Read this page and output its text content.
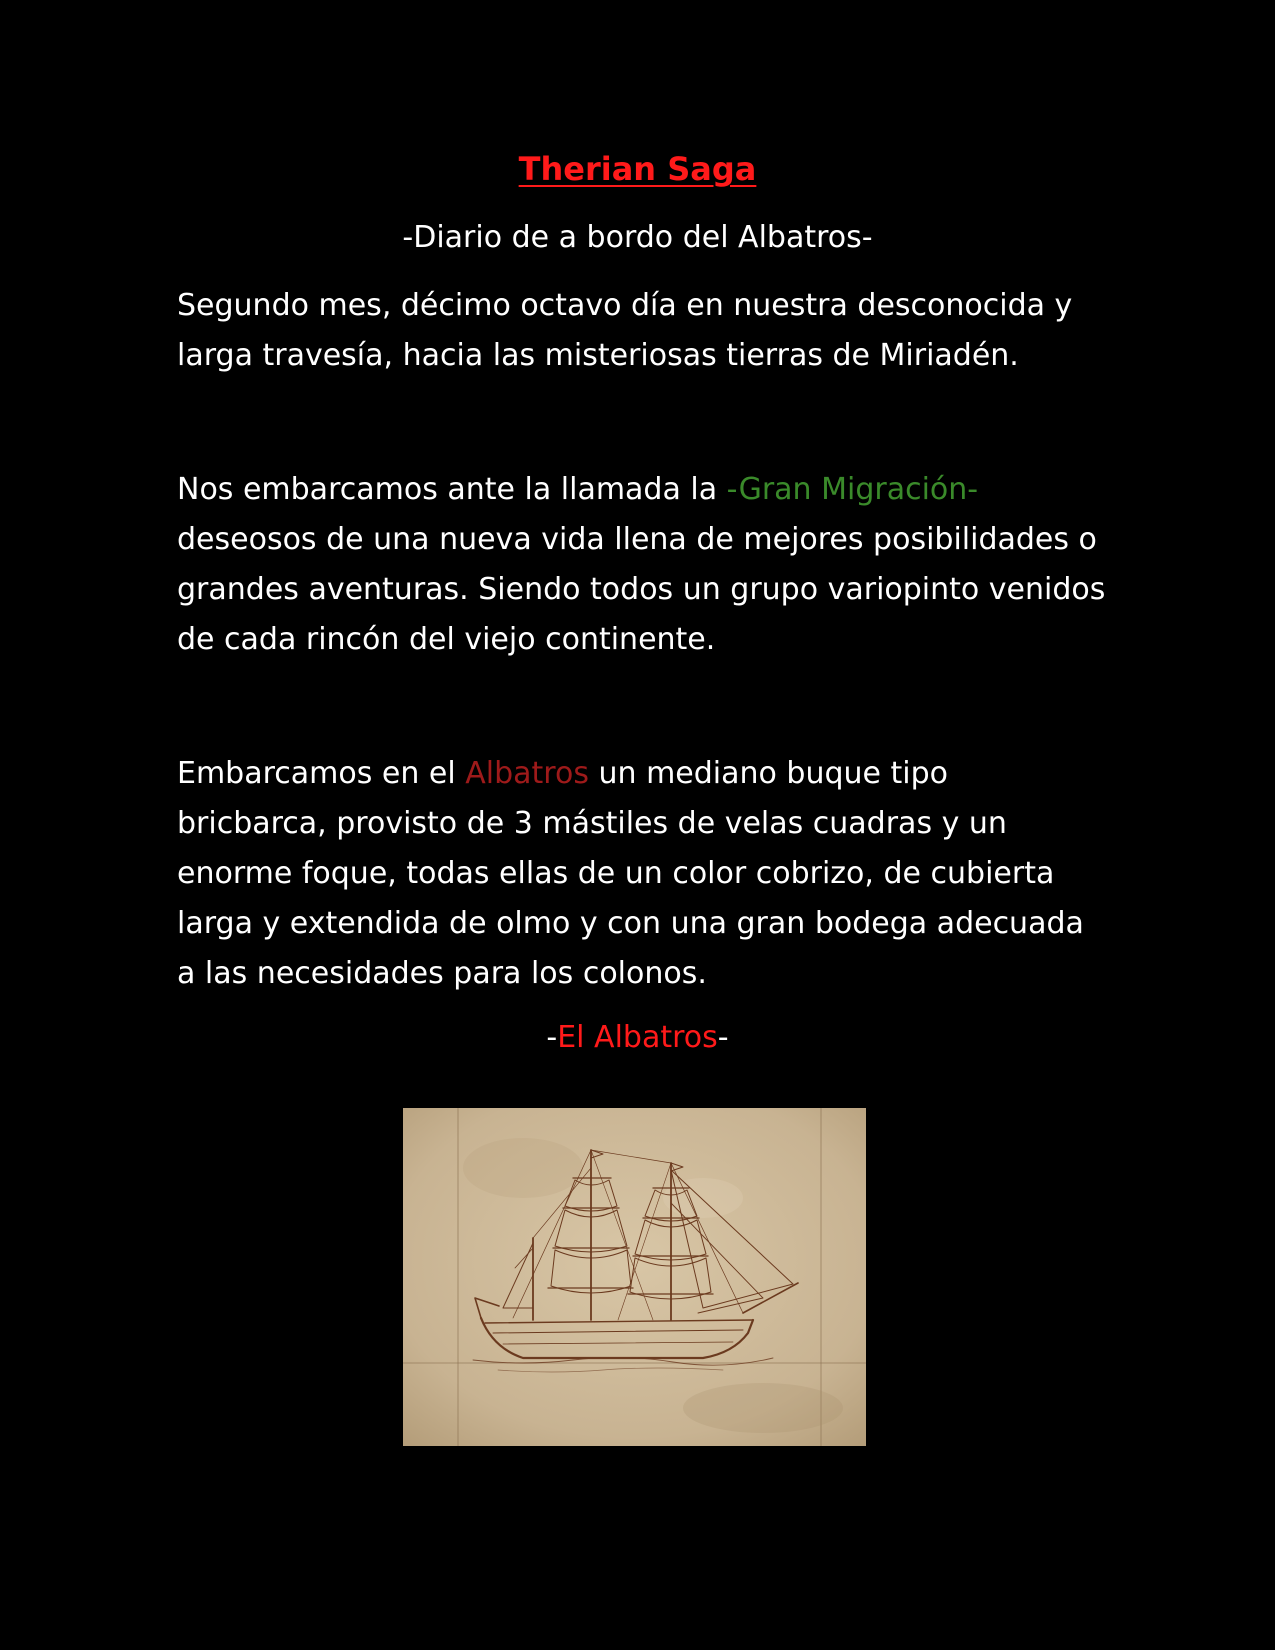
Therian Saga
-Diario de a bordo del Albatros-

Segundo mes, décimo octavo día en nuestra desconocida y larga travesía, hacia las misteriosas tierras de Miriadén.

Nos embarcamos ante la llamada la -Gran Migración- deseosos de una nueva vida llena de mejores posibilidades o grandes aventuras. Siendo todos un grupo variopinto venidos de cada rincón del viejo continente.

Embarcamos en el Albatros un mediano buque tipo bricbarca, provisto de 3 mástiles de velas cuadras y un enorme foque, todas ellas de un color cobrizo, de cubierta larga y extendida de olmo y con una gran bodega adecuada a las necesidades para los colonos.

-El Albatros-
